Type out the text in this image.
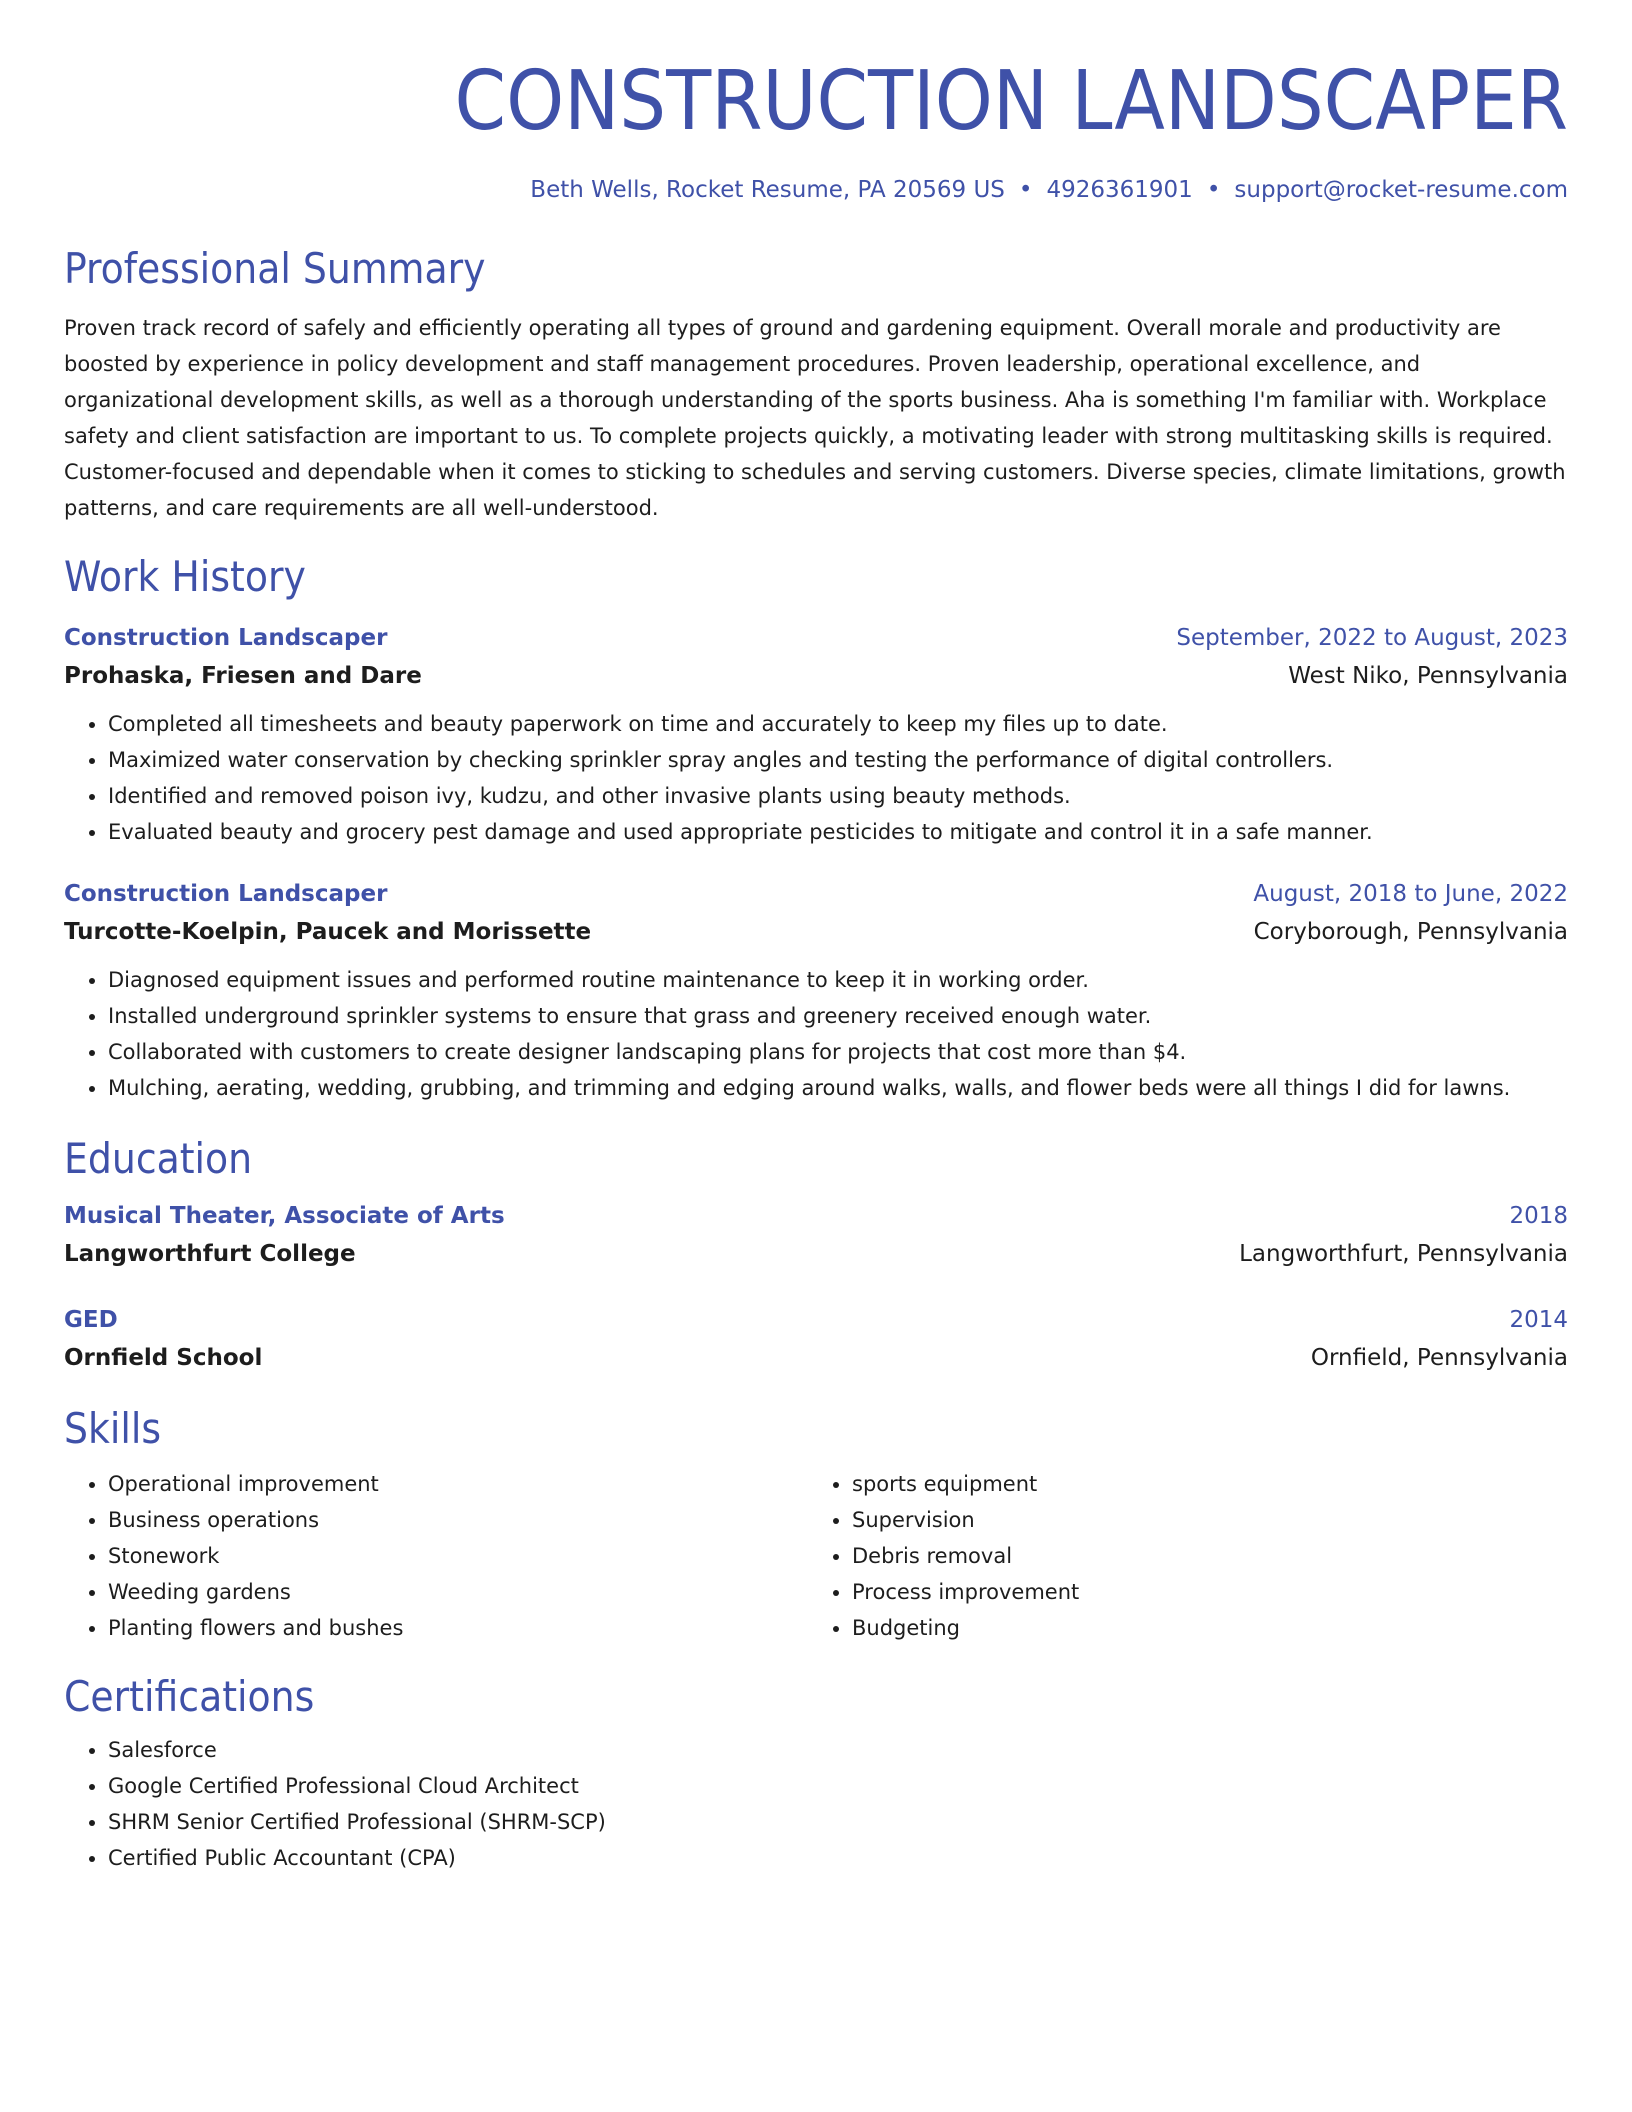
CONSTRUCTION LANDSCAPER
Beth Wells, Rocket Resume, PA 20569 US • 4926361901 • support@rocket-resume.com
Professional Summary
Proven track record of safely and efficiently operating all types of ground and gardening equipment. Overall morale and productivity are boosted by experience in policy development and staff management procedures. Proven leadership, operational excellence, and organizational development skills, as well as a thorough understanding of the sports business. Aha is something I'm familiar with. Workplace safety and client satisfaction are important to us. To complete projects quickly, a motivating leader with strong multitasking skills is required. Customer-focused and dependable when it comes to sticking to schedules and serving customers. Diverse species, climate limitations, growth patterns, and care requirements are all well-understood.
Work History
Construction Landscaper	September, 2022 to August, 2023
Prohaska, Friesen and Dare	West Niko, Pennsylvania
• Completed all timesheets and beauty paperwork on time and accurately to keep my files up to date.
• Maximized water conservation by checking sprinkler spray angles and testing the performance of digital controllers.
• Identified and removed poison ivy, kudzu, and other invasive plants using beauty methods.
• Evaluated beauty and grocery pest damage and used appropriate pesticides to mitigate and control it in a safe manner.
Construction Landscaper	August, 2018 to June, 2022
Turcotte-Koelpin, Paucek and Morissette	Coryborough, Pennsylvania
• Diagnosed equipment issues and performed routine maintenance to keep it in working order.
• Installed underground sprinkler systems to ensure that grass and greenery received enough water.
• Collaborated with customers to create designer landscaping plans for projects that cost more than $4.
• Mulching, aerating, wedding, grubbing, and trimming and edging around walks, walls, and flower beds were all things I did for lawns.
Education
Musical Theater, Associate of Arts	2018
Langworthfurt College	Langworthfurt, Pennsylvania
GED	2014
Ornfield School	Ornfield, Pennsylvania
Skills
• Operational improvement
• Business operations
• Stonework
• Weeding gardens
• Planting flowers and bushes
• sports equipment
• Supervision
• Debris removal
• Process improvement
• Budgeting
Certifications
• Salesforce
• Google Certified Professional Cloud Architect
• SHRM Senior Certified Professional (SHRM-SCP)
• Certified Public Accountant (CPA)
